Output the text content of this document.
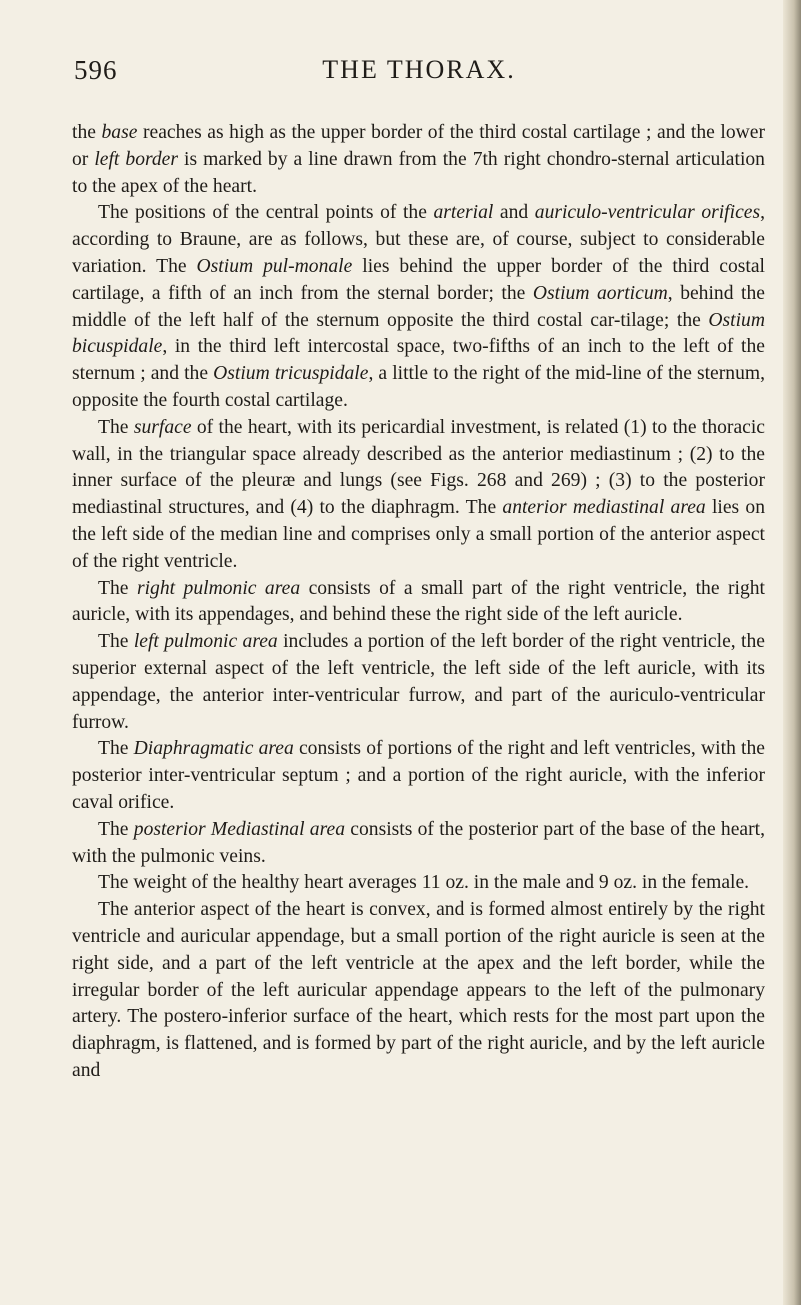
596	THE THORAX.

the base reaches as high as the upper border of the third costal cartilage ; and the lower or left border is marked by a line drawn from the 7th right chondro-sternal articulation to the apex of the heart.

The positions of the central points of the arterial and auriculo-ventricular orifices, according to Braune, are as follows, but these are, of course, subject to considerable variation. The Ostium pul-monale lies behind the upper border of the third costal cartilage, a fifth of an inch from the sternal border; the Ostium aorticum, behind the middle of the left half of the sternum opposite the third costal car-tilage; the Ostium bicuspidale, in the third left intercostal space, two-fifths of an inch to the left of the sternum ; and the Ostium tricuspidale, a little to the right of the mid-line of the sternum, opposite the fourth costal cartilage.

The surface of the heart, with its pericardial investment, is related (1) to the thoracic wall, in the triangular space already described as the anterior mediastinum ; (2) to the inner surface of the pleuræ and lungs (see Figs. 268 and 269) ; (3) to the posterior mediastinal structures, and (4) to the diaphragm. The anterior mediastinal area lies on the left side of the median line and comprises only a small portion of the anterior aspect of the right ventricle.

The right pulmonic area consists of a small part of the right ventricle, the right auricle, with its appendages, and behind these the right side of the left auricle.

The left pulmonic area includes a portion of the left border of the right ventricle, the superior external aspect of the left ventricle, the left side of the left auricle, with its appendage, the anterior inter-ventricular furrow, and part of the auriculo-ventricular furrow.

The Diaphragmatic area consists of portions of the right and left ventricles, with the posterior inter-ventricular septum ; and a portion of the right auricle, with the inferior caval orifice.

The posterior Mediastinal area consists of the posterior part of the base of the heart, with the pulmonic veins.

The weight of the healthy heart averages 11 oz. in the male and 9 oz. in the female.

The anterior aspect of the heart is convex, and is formed almost entirely by the right ventricle and auricular appendage, but a small portion of the right auricle is seen at the right side, and a part of the left ventricle at the apex and the left border, while the irregular border of the left auricular appendage appears to the left of the pulmonary artery. The postero-inferior surface of the heart, which rests for the most part upon the diaphragm, is flattened, and is formed by part of the right auricle, and by the left auricle and
